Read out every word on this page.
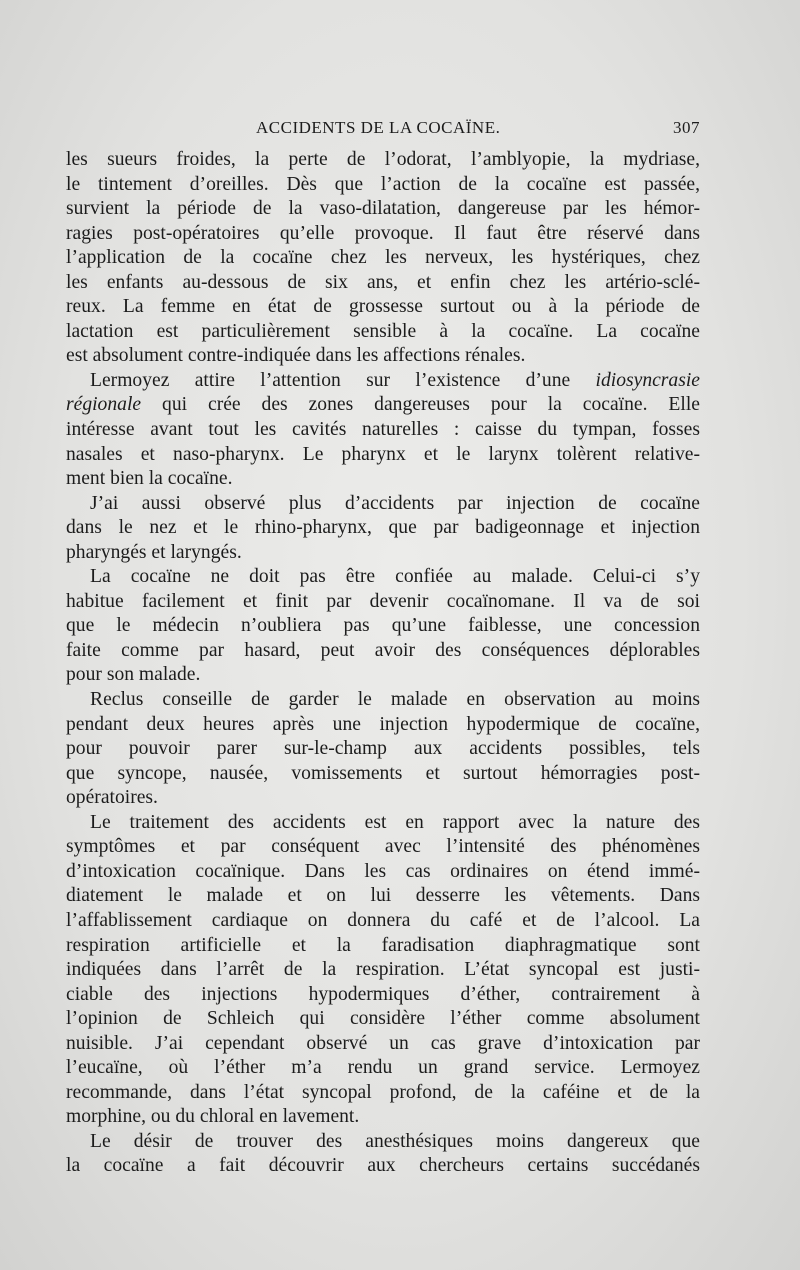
ACCIDENTS DE LA COCAÏNE.	307
les sueurs froides, la perte de l’odorat, l’amblyopie, la mydriase,
le tintement d’oreilles. Dès que l’action de la cocaïne est passée,
survient la période de la vaso-dilatation, dangereuse par les hémor-
ragies post-opératoires qu’elle provoque. Il faut être réservé dans
l’application de la cocaïne chez les nerveux, les hystériques, chez
les enfants au-dessous de six ans, et enfin chez les artério-sclé-
reux. La femme en état de grossesse surtout ou à la période de
lactation est particulièrement sensible à la cocaïne. La cocaïne
est absolument contre-indiquée dans les affections rénales.
Lermoyez attire l’attention sur l’existence d’une idiosyncrasie
régionale qui crée des zones dangereuses pour la cocaïne. Elle
intéresse avant tout les cavités naturelles : caisse du tympan, fosses
nasales et naso-pharynx. Le pharynx et le larynx tolèrent relative-
ment bien la cocaïne.
J’ai aussi observé plus d’accidents par injection de cocaïne
dans le nez et le rhino-pharynx, que par badigeonnage et injection
pharyngés et laryngés.
La cocaïne ne doit pas être confiée au malade. Celui-ci s’y
habitue facilement et finit par devenir cocaïnomane. Il va de soi
que le médecin n’oubliera pas qu’une faiblesse, une concession
faite comme par hasard, peut avoir des conséquences déplorables
pour son malade.
Reclus conseille de garder le malade en observation au moins
pendant deux heures après une injection hypodermique de cocaïne,
pour pouvoir parer sur-le-champ aux accidents possibles, tels
que syncope, nausée, vomissements et surtout hémorragies post-
opératoires.
Le traitement des accidents est en rapport avec la nature des
symptômes et par conséquent avec l’intensité des phénomènes
d’intoxication cocaïnique. Dans les cas ordinaires on étend immé-
diatement le malade et on lui desserre les vêtements. Dans
l’affablissement cardiaque on donnera du café et de l’alcool. La
respiration artificielle et la faradisation diaphragmatique sont
indiquées dans l’arrêt de la respiration. L’état syncopal est justi-
ciable des injections hypodermiques d’éther, contrairement à
l’opinion de Schleich qui considère l’éther comme absolument
nuisible. J’ai cependant observé un cas grave d’intoxication par
l’eucaïne, où l’éther m’a rendu un grand service. Lermoyez
recommande, dans l’état syncopal profond, de la caféine et de la
morphine, ou du chloral en lavement.
Le désir de trouver des anesthésiques moins dangereux que
la cocaïne a fait découvrir aux chercheurs certains succédanés
